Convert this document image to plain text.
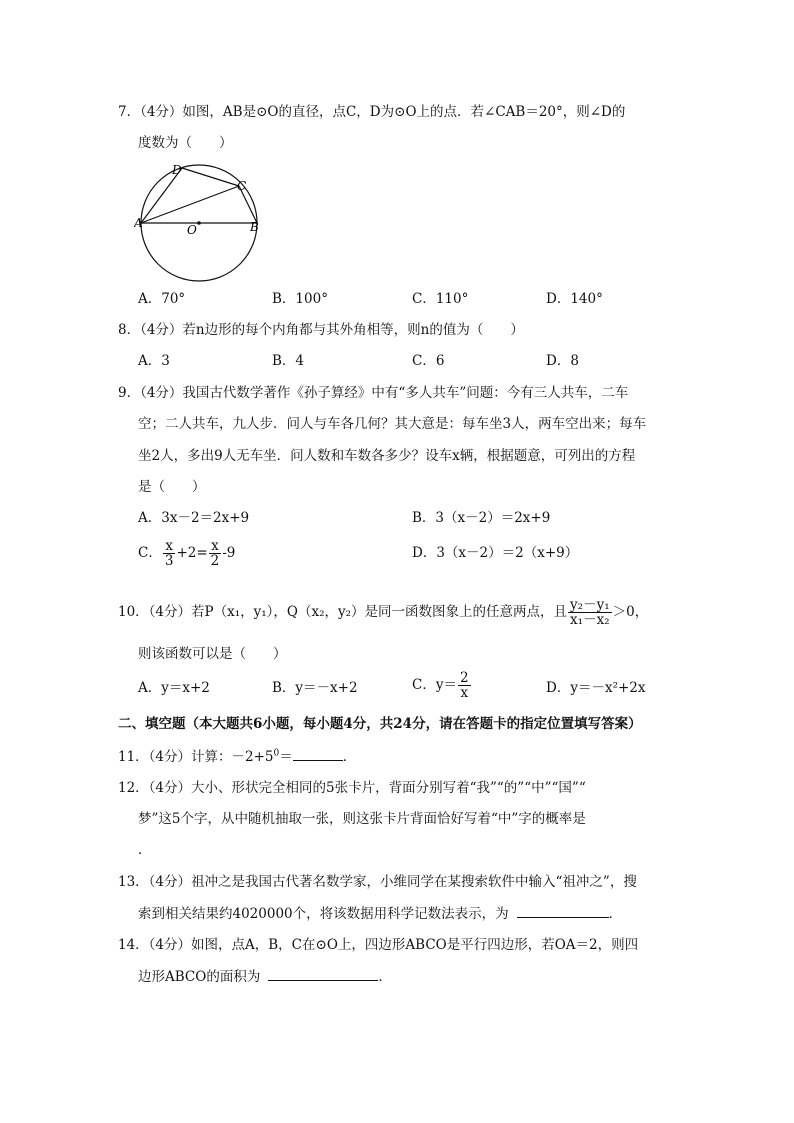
7．（4分）如图，AB是⊙O的直径，点C，D为⊙O上的点．若∠CAB＝20°，则∠D的
度数为（　　）
A	B
C
D
O
A．70°	B．100°	C．110°	D．140°
8．（4分）若n边形的每个内角都与其外角相等，则n的值为（　　）
A．3	B．4	C．6	D．8
9．（4分）我国古代数学著作《孙子算经》中有“多人共车”问题：今有三人共车，二车
空；二人共车，九人步．问人与车各几何？其大意是：每车坐3人，两车空出来；每车
坐2人，多出9人无车坐．问人数和车数各多少？设车x辆，根据题意，可列出的方程
是（　　）
A．3x－2＝2x+9	B．3（x－2）＝2x+9
C． $\frac{x}{3} +2= \frac{x}{2} -9$	D．3（x－2）＝2（x+9）
10．（4分）若P（x₁，y₁），Q（x₂，y₂）是同一函数图象上的任意两点，且 $\frac{\text{y₂－y₁}}{\text{x₁－x₂}} >0$，
则该函数可以是（　　）
A．y＝x+2	B．y＝－x+2	C．$y= \frac{2}{x}$	D．y＝－x²+2x
二、填空题（本大题共6小题，每小题4分，共24分，请在答题卡的指定位置填写答案）
11．（4分）计算：$-2+5^0=$	．
12．（4分）大小、形状完全相同的5张卡片，背面分别写着“我”“的”“中”“国”“
梦”这5个字，从中随机抽取一张，则这张卡片背面恰好写着“中”字的概率是
．
13．（4分）祖冲之是我国古代著名数学家，小维同学在某搜索软件中输入“祖冲之”，搜
索到相关结果约4020000个，将该数据用科学记数法表示，为	．
14．（4分）如图，点A，B，C在⊙O上，四边形ABCO是平行四边形，若OA＝2，则四
边形ABCO的面积为	．
